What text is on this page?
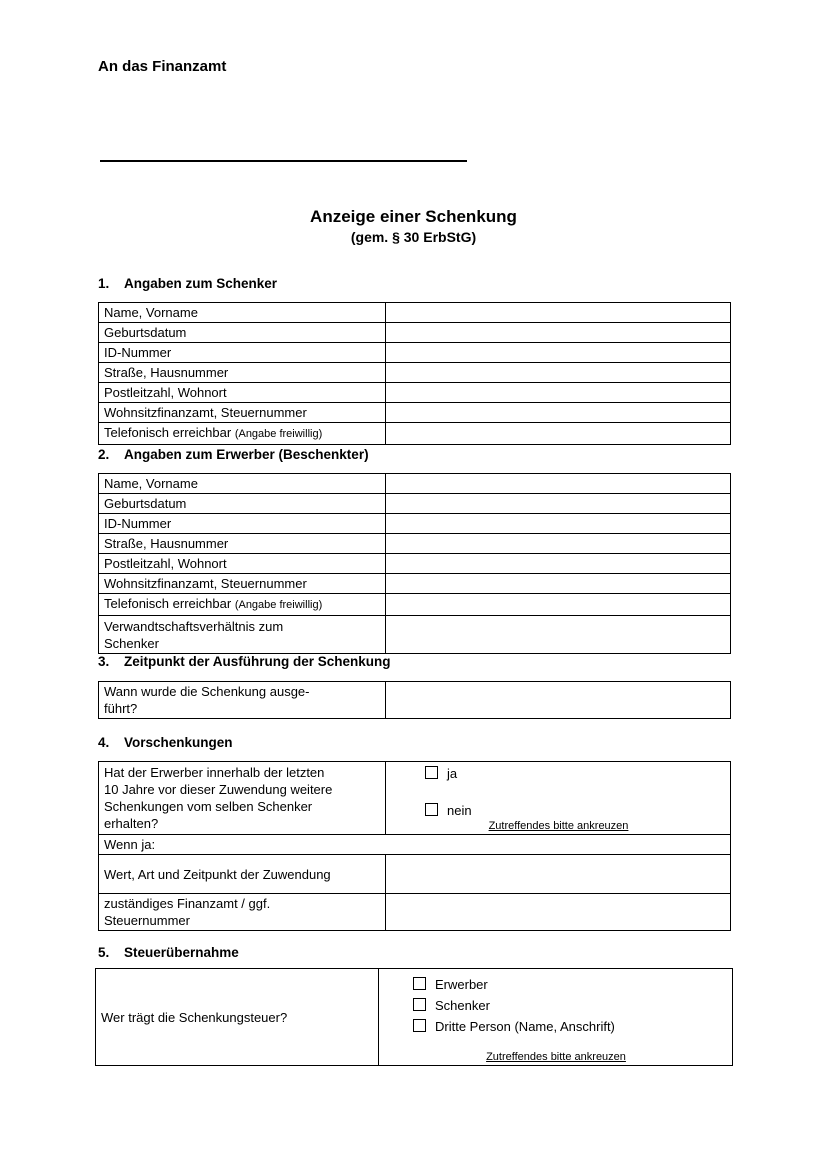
An das Finanzamt
Anzeige einer Schenkung
(gem. § 30 ErbStG)
1. Angaben zum Schenker
Name, Vorname	
Geburtsdatum	
ID-Nummer	
Straße, Hausnummer	
Postleitzahl, Wohnort	
Wohnsitzfinanzamt, Steuernummer	
Telefonisch erreichbar (Angabe freiwillig)	
2. Angaben zum Erwerber (Beschenkter)
Name, Vorname	
Geburtsdatum	
ID-Nummer	
Straße, Hausnummer	
Postleitzahl, Wohnort	
Wohnsitzfinanzamt, Steuernummer	
Telefonisch erreichbar (Angabe freiwillig)	

Verwandtschaftsverhältnis zum
Schenker	

3. Zeitpunkt der Ausführung der Schenkung
Wann wurde die Schenkung ausge-
führt?

4. Vorschenkungen
Hat der Erwerber innerhalb der letzten
10 Jahre vor dieser Zuwendung weitere
Schenkungen vom selben Schenker
erhalten?

ja
nein
Zutreffendes bitte ankreuzen

Wenn ja:	
Wert, Art und Zeitpunkt der Zuwendung	

zuständiges Finanzamt / ggf.
Steuernummer	

5. Steuerübernahme
Wer trägt die Schenkungsteuer?	
Erwerber
Schenker
Dritte Person (Name, Anschrift)
Zutreffendes bitte ankreuzen
